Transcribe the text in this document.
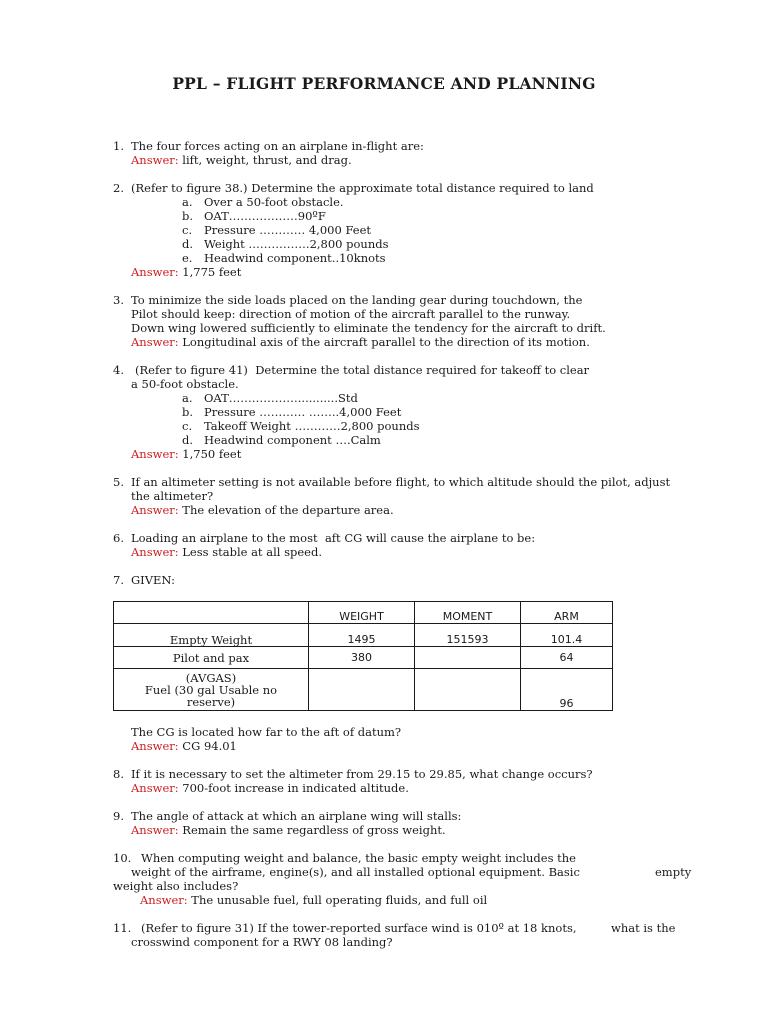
PPL – FLIGHT PERFORMANCE AND PLANNING
1. The four forces acting on an airplane in-flight are:
Answer: lift, weight, thrust, and drag.
2. (Refer to figure 38.) Determine the approximate total distance required to land
a. Over a 50-foot obstacle.
b. OAT………………90ºF
c. Pressure ………… 4,000 Feet
d. Weight …………….2,800 pounds
e. Headwind component..10knots
Answer: 1,775 feet
3. To minimize the side loads placed on the landing gear during touchdown, the
Pilot should keep: direction of motion of the aircraft parallel to the runway.
Down wing lowered sufficiently to eliminate the tendency for the aircraft to drift.
Answer: Longitudinal axis of the aircraft parallel to the direction of its motion.
4. (Refer to figure 41)  Determine the total distance required for takeoff to clear
a 50-foot obstacle.
a. OAT………………...........Std
b. Pressure ………… ……..4,000 Feet
c. Takeoff Weight …………2,800 pounds
d. Headwind component ….Calm
Answer: 1,750 feet
5. If an altimeter setting is not available before flight, to which altitude should the pilot, adjust
the altimeter?
Answer: The elevation of the departure area.
6. Loading an airplane to the most  aft CG will cause the airplane to be:
Answer: Less stable at all speed.
7. GIVEN:
	WEIGHT	MOMENT	ARM
Empty Weight	1495	151593	101.4
Pilot and pax	380		64
(AVGAS)
Fuel (30 gal Usable no
reserve)			96
The CG is located how far to the aft of datum?
Answer: CG 94.01
8. If it is necessary to set the altimeter from 29.15 to 29.85, what change occurs?
Answer: 700-foot increase in indicated altitude.
9. The angle of attack at which an airplane wing will stalls:
Answer: Remain the same regardless of gross weight.
10. When computing weight and balance, the basic empty weight includes the
weight of the airframe, engine(s), and all installed optional equipment. Basic	empty
weight also includes?
Answer: The unusable fuel, full operating fluids, and full oil
11. (Refer to figure 31) If the tower-reported surface wind is 010º at 18 knots,	what is the
crosswind component for a RWY 08 landing?
